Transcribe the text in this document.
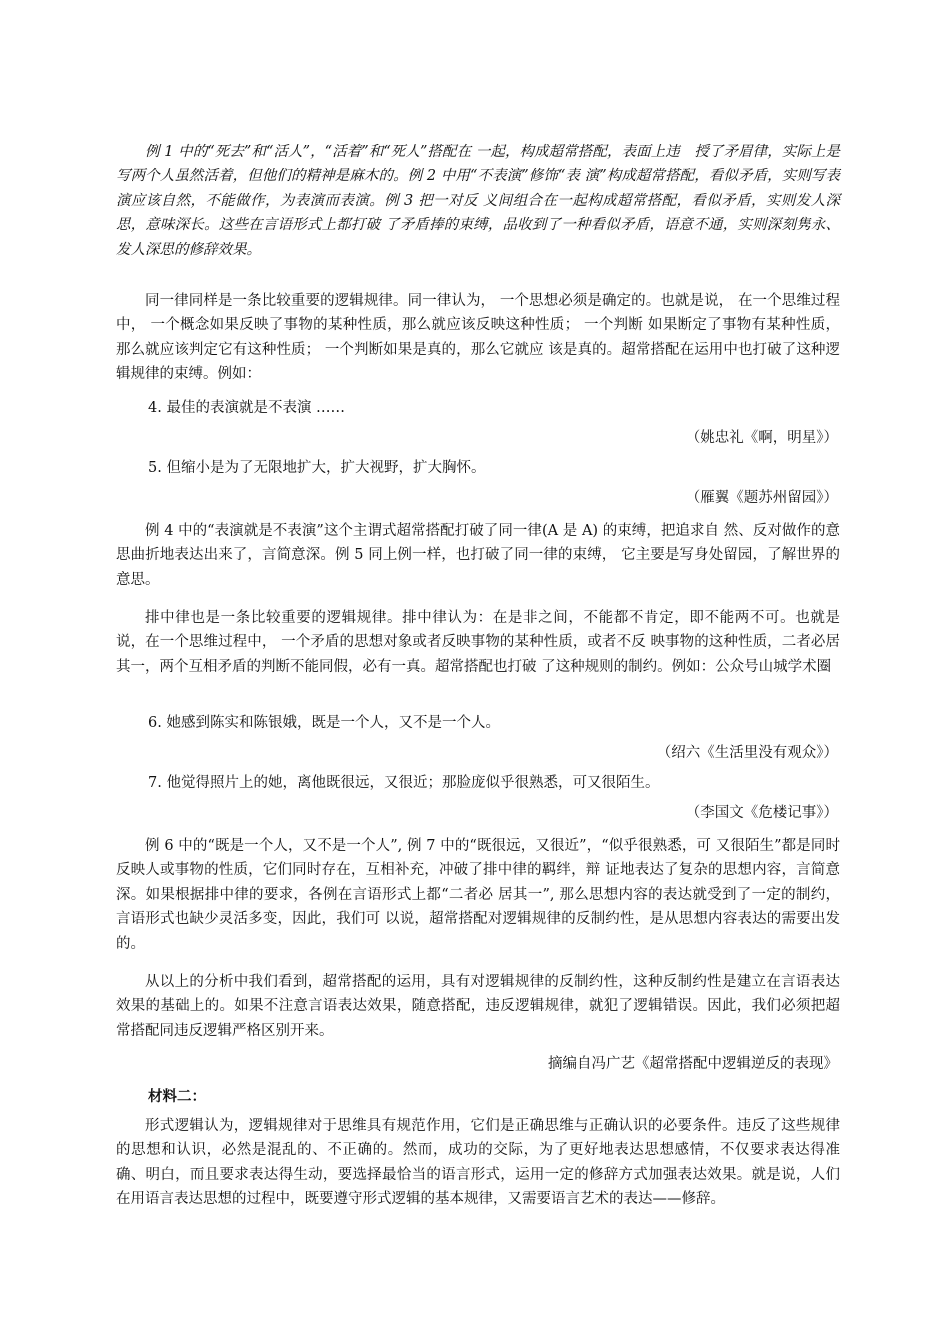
例 1 中的“死去”和“活人”，“活着”和“死人”搭配在 一起，构成超常搭配，表面上违　授了矛眉律，实际上是写两个人虽然活着，但他们的精神是麻木的。例 2 中用“不表演”修饰“表 演”构成超常搭配，看似矛盾，实则写表演应该自然，不能做作，为表演而表演。例 3 把一对反 义间组合在一起构成超常搭配，看似矛盾，实则发人深思，意味深长。这些在言语形式上都打破 了矛盾捧的束缚，品收到了一种看似矛盾，语意不通，实则深刻隽永、发人深思的修辞效果。

同一律同样是一条比较重要的逻辑规律。同一律认为， 一个思想必须是确定的。也就是说， 在一个思维过程中， 一个概念如果反映了事物的某种性质，那么就应该反映这种性质； 一个判断 如果断定了事物有某种性质，那么就应该判定它有这种性质； 一个判断如果是真的，那么它就应 该是真的。超常搭配在运用中也打破了这种逻辑规律的束缚。例如：

4. 最佳的表演就是不表演 ……

（姚忠礼《啊，明星》）

5. 但缩小是为了无限地扩大，扩大视野，扩大胸怀。

（雁翼《题苏州留园》）

例 4 中的“表演就是不表演”这个主谓式超常搭配打破了同一律(A 是 A) 的束缚，把追求自 然、反对做作的意思曲折地表达出来了，言简意深。例 5 同上例一样，也打破了同一律的束缚， 它主要是写身处留园，了解世界的意思。

排中律也是一条比较重要的逻辑规律。排中律认为：在是非之间，不能都不肯定，即不能两不可。也就是说，在一个思维过程中， 一个矛盾的思想对象或者反映事物的某种性质，或者不反 映事物的这种性质，二者必居其一，两个互相矛盾的判断不能同假，必有一真。超常搭配也打破 了这种规则的制约。例如：公众号山城学术圈

6. 她感到陈实和陈银娥，既是一个人，又不是一个人。

（绍六《生活里没有观众》）

7. 他觉得照片上的她，离他既很远，又很近；那脸庞似乎很熟悉，可又很陌生。

（李国文《危楼记事》）

例 6 中的“既是一个人，又不是一个人”, 例 7 中的“既很远，又很近”，“似乎很熟悉，可 又很陌生”都是同时反映人或事物的性质，它们同时存在，互相补充，冲破了排中律的羁绊，辩 证地表达了复杂的思想内容，言简意深。如果根据排中律的要求，各例在言语形式上都“二者必 居其一”, 那么思想内容的表达就受到了一定的制约，言语形式也缺少灵活多变，因此，我们可 以说，超常搭配对逻辑规律的反制约性，是从思想内容表达的需要出发的。

从以上的分析中我们看到，超常搭配的运用，具有对逻辑规律的反制约性，这种反制约性是建立在言语表达效果的基础上的。如果不注意言语表达效果，随意搭配，违反逻辑规律，就犯了逻辑错误。因此，我们必须把超常搭配同违反逻辑严格区别开来。

摘编自冯广艺《超常搭配中逻辑逆反的表现》

材料二：

形式逻辑认为，逻辑规律对于思维具有规范作用，它们是正确思维与正确认识的必要条件。违反了这些规律的思想和认识，必然是混乱的、不正确的。然而，成功的交际，为了更好地表达思想感情，不仅要求表达得准确、明白，而且要求表达得生动，要选择最恰当的语言形式，运用一定的修辞方式加强表达效果。就是说，人们在用语言表达思想的过程中，既要遵守形式逻辑的基本规律，又需要语言艺术的表达——修辞。
